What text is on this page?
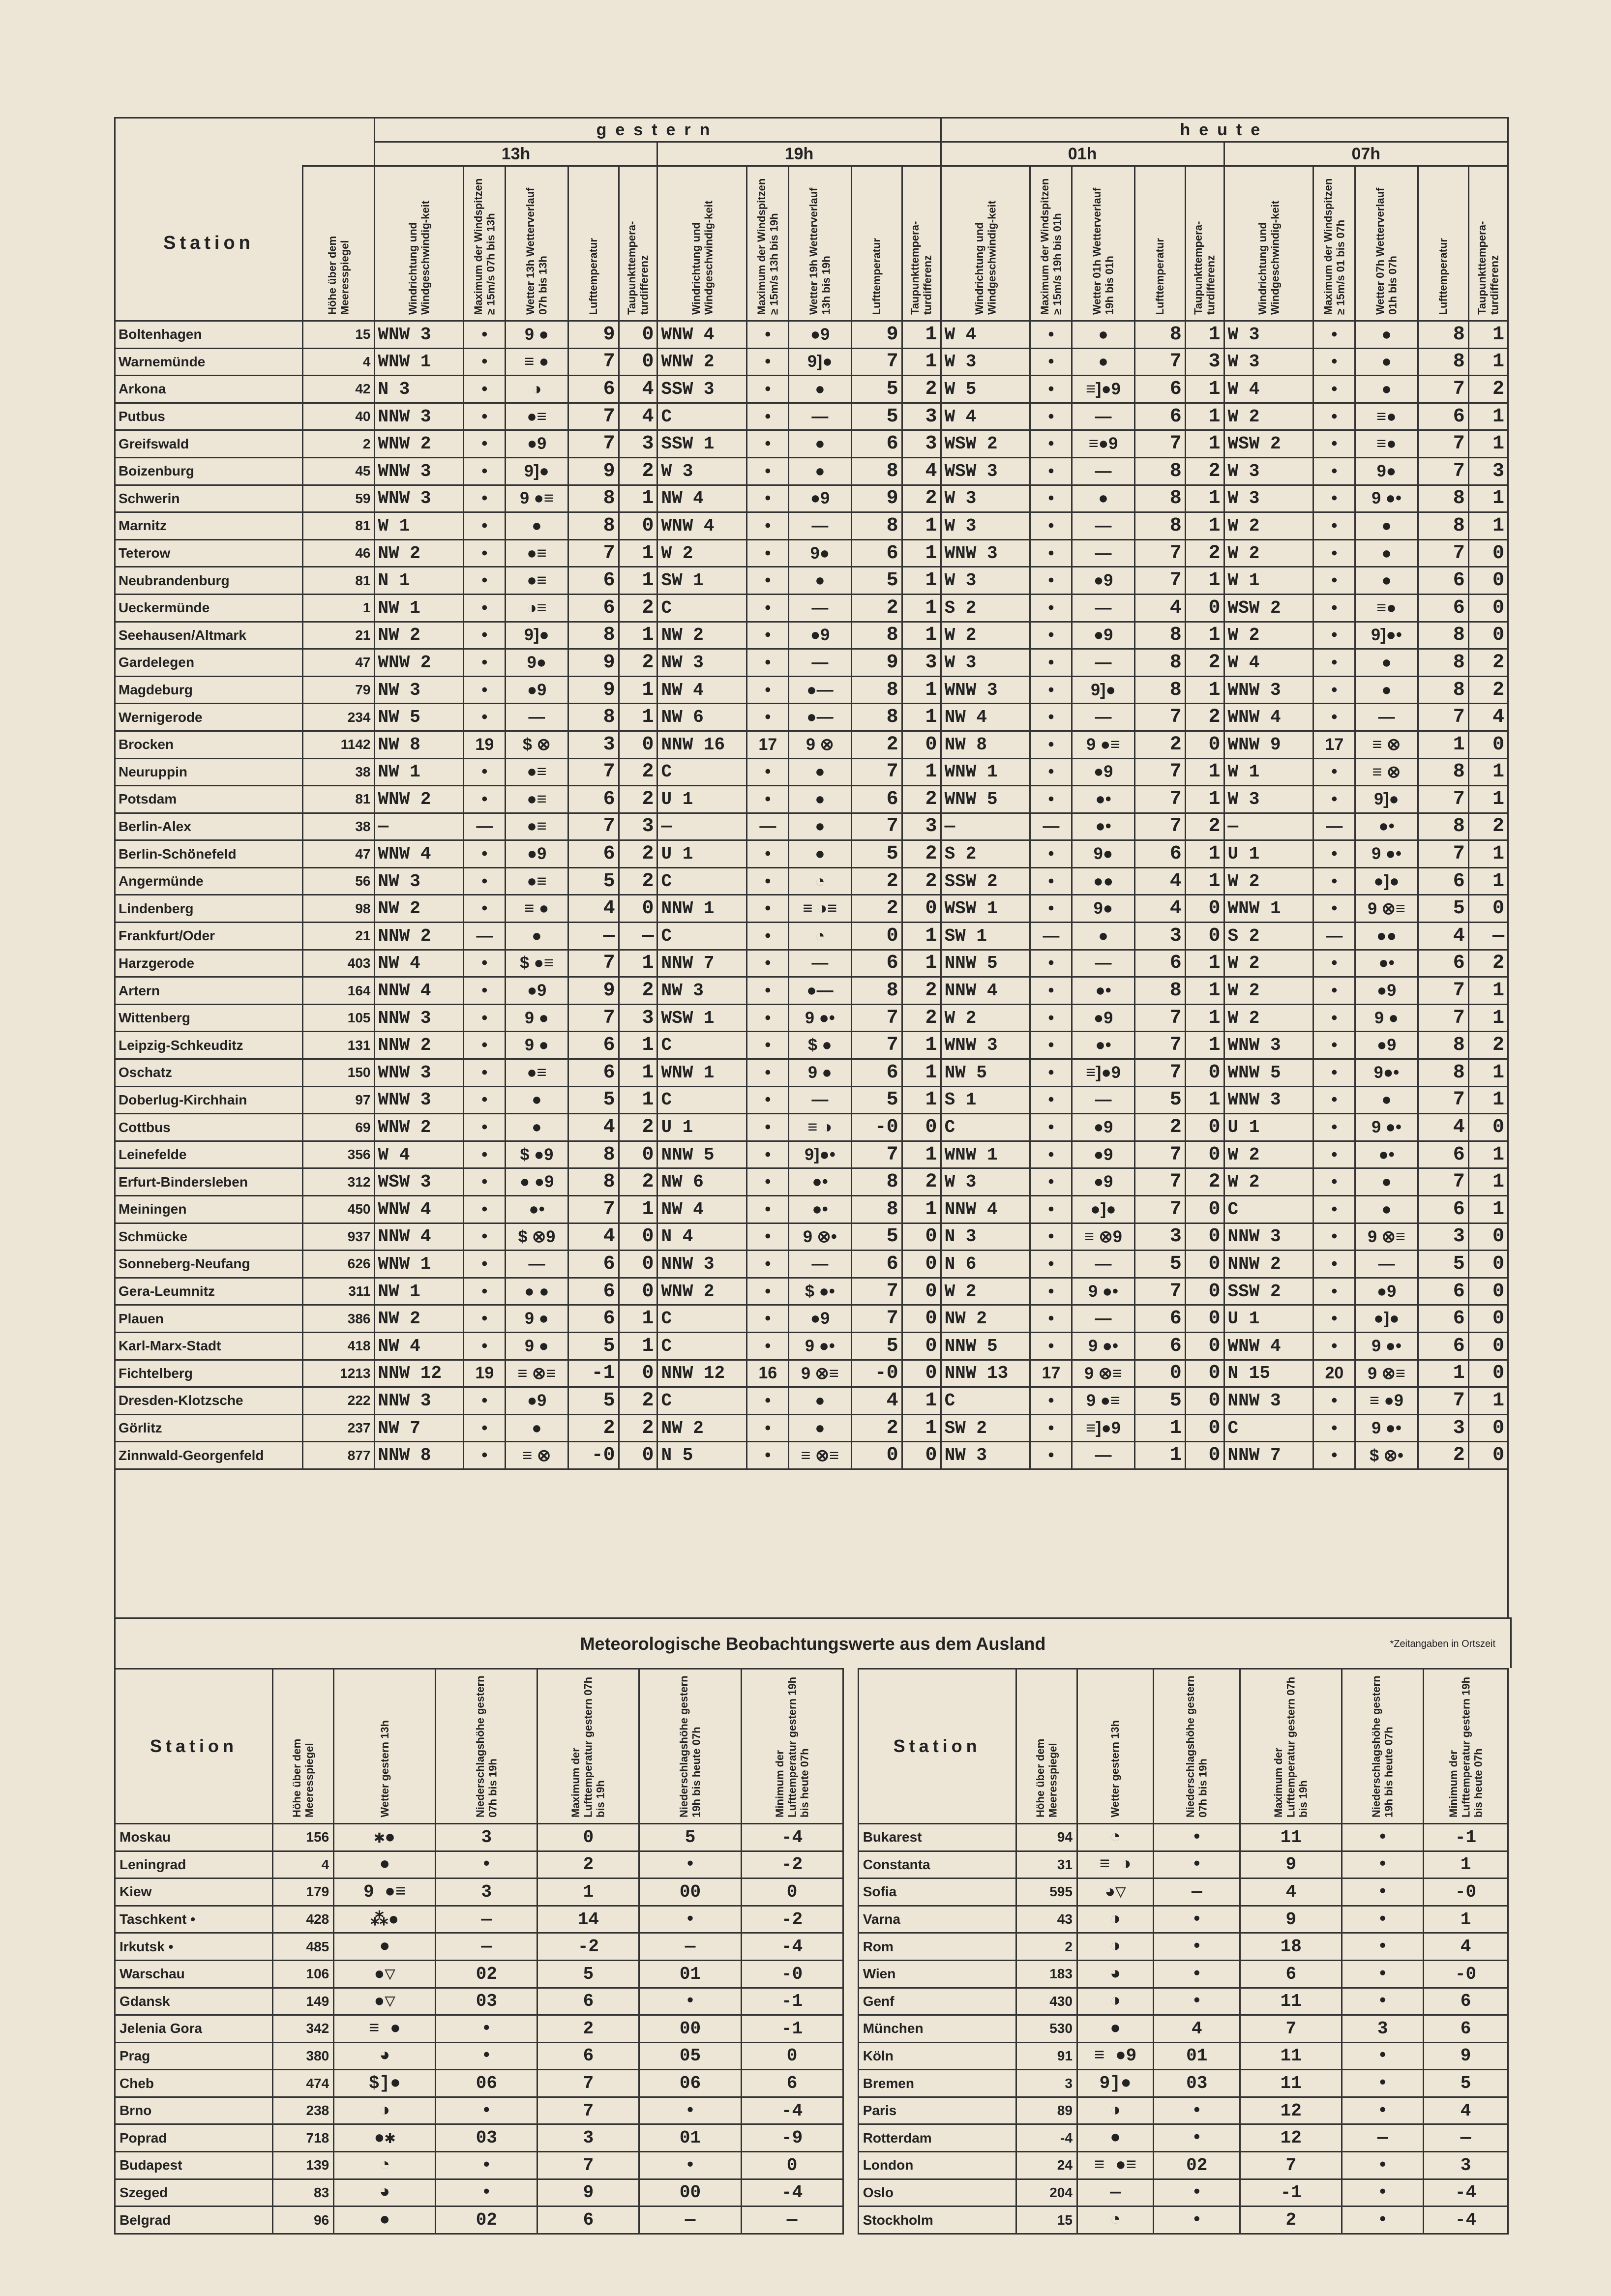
		gestern										heute									
		13h					19h					01h					07h				
Station	Höhe über dem Meeresspiegel	Windrichtung und Windgeschwindig-keit	Maximum der Windspitzen ≥ 15m/s 07h bis 13h	Wetter 13h Wetterverlauf 07h bis 13h	Lufttemperatur	Taupunkttempera-turdifferenz	Windrichtung und Windgeschwindig-keit	Maximum der Windspitzen ≥ 15m/s 13h bis 19h	Wetter 19h Wetterverlauf 13h bis 19h	Lufttemperatur	Taupunkttempera-turdifferenz	Windrichtung und Windgeschwindig-keit	Maximum der Windspitzen ≥ 15m/s 19h bis 01h	Wetter 01h Wetterverlauf 19h bis 01h	Lufttemperatur	Taupunkttempera-turdifferenz	Windrichtung und Windgeschwindig-keit	Maximum der Windspitzen ≥ 15m/s 01 bis 07h	Wetter 07h Wetterverlauf 01h bis 07h	Lufttemperatur	Taupunkttempera-turdifferenz
Boltenhagen	15	WNW 3	•	9 ●	9	0	WNW 4	•	●9	9	1	W 4	•	●	8	1	W 3	•	●	8	1
Warnemünde	4	WNW 1	•	≡ ●	7	0	WNW 2	•	9]●	7	1	W 3	•	●	7	3	W 3	•	●	8	1
Arkona	42	N 3	•	◑	6	4	SSW 3	•	●	5	2	W 5	•	≡]●9	6	1	W 4	•	●	7	2
Putbus	40	NNW 3	•	●≡	7	4	C	•	—	5	3	W 4	•	—	6	1	W 2	•	≡●	6	1
Greifswald	2	WNW 2	•	●9	7	3	SSW 1	•	●	6	3	WSW 2	•	≡●9	7	1	WSW 2	•	≡●	7	1
Boizenburg	45	WNW 3	•	9]●	9	2	W 3	•	●	8	4	WSW 3	•	—	8	2	W 3	•	9●	7	3
Schwerin	59	WNW 3	•	9 ●≡	8	1	NW 4	•	●9	9	2	W 3	•	●	8	1	W 3	•	9 ●•	8	1
Marnitz	81	W 1	•	●	8	0	WNW 4	•	—	8	1	W 3	•	—	8	1	W 2	•	●	8	1
Teterow	46	NW 2	•	●≡	7	1	W 2	•	9●	6	1	WNW 3	•	—	7	2	W 2	•	●	7	0
Neubrandenburg	81	N 1	•	●≡	6	1	SW 1	•	●	5	1	W 3	•	●9	7	1	W 1	•	●	6	0
Ueckermünde	1	NW 1	•	◑≡	6	2	C	•	—	2	1	S 2	•	—	4	0	WSW 2	•	≡●	6	0
Seehausen/Altmark	21	NW 2	•	9]●	8	1	NW 2	•	●9	8	1	W 2	•	●9	8	1	W 2	•	9]●•	8	0
Gardelegen	47	WNW 2	•	9●	9	2	NW 3	•	—	9	3	W 3	•	—	8	2	W 4	•	●	8	2
Magdeburg	79	NW 3	•	●9	9	1	NW 4	•	●—	8	1	WNW 3	•	9]●	8	1	WNW 3	•	●	8	2
Wernigerode	234	NW 5	•	—	8	1	NW 6	•	●—	8	1	NW 4	•	—	7	2	WNW 4	•	—	7	4
Brocken	1142	NW 8	19	$ ⊗	3	0	NNW 16	17	9 ⊗	2	0	NW 8	•	9 ●≡	2	0	WNW 9	17	≡ ⊗	1	0
Neuruppin	38	NW 1	•	●≡	7	2	C	•	●	7	1	WNW 1	•	●9	7	1	W 1	•	≡ ⊗	8	1
Potsdam	81	WNW 2	•	●≡	6	2	U 1	•	●	6	2	WNW 5	•	●•	7	1	W 3	•	9]●	7	1
Berlin-Alex	38	—	—	●≡	7	3	—	—	●	7	3	—	—	●•	7	2	—	—	●•	8	2
Berlin-Schönefeld	47	WNW 4	•	●9	6	2	U 1	•	●	5	2	S 2	•	9●	6	1	U 1	•	9 ●•	7	1
Angermünde	56	NW 3	•	●≡	5	2	C	•	◔	2	2	SSW 2	•	●●	4	1	W 2	•	●]●	6	1
Lindenberg	98	NW 2	•	≡ ●	4	0	NNW 1	•	≡ ◑≡	2	0	WSW 1	•	9●	4	0	WNW 1	•	9 ⊗≡	5	0
Frankfurt/Oder	21	NNW 2	—	●	—	—	C	•	◔	0	1	SW 1	—	●	3	0	S 2	—	●●	4	—
Harzgerode	403	NW 4	•	$ ●≡	7	1	NNW 7	•	—	6	1	NNW 5	•	—	6	1	W 2	•	●•	6	2
Artern	164	NNW 4	•	●9	9	2	NW 3	•	●—	8	2	NNW 4	•	●•	8	1	W 2	•	●9	7	1
Wittenberg	105	NNW 3	•	9 ●	7	3	WSW 1	•	9 ●•	7	2	W 2	•	●9	7	1	W 2	•	9 ●	7	1
Leipzig-Schkeuditz	131	NNW 2	•	9 ●	6	1	C	•	$ ●	7	1	WNW 3	•	●•	7	1	WNW 3	•	●9	8	2
Oschatz	150	WNW 3	•	●≡	6	1	WNW 1	•	9 ●	6	1	NW 5	•	≡]●9	7	0	WNW 5	•	9●•	8	1
Doberlug-Kirchhain	97	WNW 3	•	●	5	1	C	•	—	5	1	S 1	•	—	5	1	WNW 3	•	●	7	1
Cottbus	69	WNW 2	•	●	4	2	U 1	•	≡ ◑	-0	0	C	•	●9	2	0	U 1	•	9 ●•	4	0
Leinefelde	356	W 4	•	$ ●9	8	0	NNW 5	•	9]●•	7	1	WNW 1	•	●9	7	0	W 2	•	●•	6	1
Erfurt-Bindersleben	312	WSW 3	•	● ●9	8	2	NW 6	•	●•	8	2	W 3	•	●9	7	2	W 2	•	●	7	1
Meiningen	450	WNW 4	•	●•	7	1	NW 4	•	●•	8	1	NNW 4	•	●]●	7	0	C	•	●	6	1
Schmücke	937	NNW 4	•	$ ⊗9	4	0	N 4	•	9 ⊗•	5	0	N 3	•	≡ ⊗9	3	0	NNW 3	•	9 ⊗≡	3	0
Sonneberg-Neufang	626	WNW 1	•	—	6	0	NNW 3	•	—	6	0	N 6	•	—	5	0	NNW 2	•	—	5	0
Gera-Leumnitz	311	NW 1	•	● ●	6	0	WNW 2	•	$ ●•	7	0	W 2	•	9 ●•	7	0	SSW 2	•	●9	6	0
Plauen	386	NW 2	•	9 ●	6	1	C	•	●9	7	0	NW 2	•	—	6	0	U 1	•	●]●	6	0
Karl-Marx-Stadt	418	NW 4	•	9 ●	5	1	C	•	9 ●•	5	0	NNW 5	•	9 ●•	6	0	WNW 4	•	9 ●•	6	0
Fichtelberg	1213	NNW 12	19	≡ ⊗≡	-1	0	NNW 12	16	9 ⊗≡	-0	0	NNW 13	17	9 ⊗≡	0	0	N 15	20	9 ⊗≡	1	0
Dresden-Klotzsche	222	NNW 3	•	●9	5	2	C	•	●	4	1	C	•	9 ●≡	5	0	NNW 3	•	≡ ●9	7	1
Görlitz	237	NW 7	•	●	2	2	NW 2	•	●	2	1	SW 2	•	≡]●9	1	0	C	•	9 ●•	3	0
Zinnwald-Georgenfeld	877	NNW 8	•	≡ ⊗	-0	0	N 5	•	≡ ⊗≡	0	0	NW 3	•	—	1	0	NNW 7	•	$ ⊗•	2	0
Meteorologische Beobachtungswerte aus dem Ausland	*Zeitangaben in Ortszeit
Station	Höhe über dem Meeresspiegel	Wetter gestern 13h	Niederschlagshöhe gestern 07h bis 19h	Maximum der Lufttemperatur gestern 07h bis 19h	Niederschlagshöhe gestern 19h bis heute 07h	Minimum der Lufttemperatur gestern 19h bis heute 07h		Station	Höhe über dem Meeresspiegel	Wetter gestern 13h	Niederschlagshöhe gestern 07h bis 19h	Maximum der Lufttemperatur gestern 07h bis 19h	Niederschlagshöhe gestern 19h bis heute 07h	Minimum der Lufttemperatur gestern 19h bis heute 07h
Moskau	156	✱●	3	0	5	-4		Bukarest	94	◔	•	11	•	-1
Leningrad	4	●	•	2	•	-2		Constanta	31	≡ ◑	•	9	•	1
Kiew	179	9 ●≡	3	1	00	0		Sofia	595	◕▽	—	4	•	-0
Taschkent •	428	⁂●	—	14	•	-2		Varna	43	◑	•	9	•	1
Irkutsk •	485	●	—	-2	—	-4		Rom	2	◑	•	18	•	4
Warschau	106	●▽	02	5	01	-0		Wien	183	◕	•	6	•	-0
Gdansk	149	●▽	03	6	•	-1		Genf	430	◑	•	11	•	6
Jelenia Gora	342	≡ ●	•	2	00	-1		München	530	●	4	7	3	6
Prag	380	◕	•	6	05	0		Köln	91	≡ ●9	01	11	•	9
Cheb	474	$]●	06	7	06	6		Bremen	3	9]●	03	11	•	5
Brno	238	◑	•	7	•	-4		Paris	89	◑	•	12	•	4
Poprad	718	●✱	03	3	01	-9		Rotterdam	-4	●	•	12	—	—
Budapest	139	◔	•	7	•	0		London	24	≡ ●≡	02	7	•	3
Szeged	83	◕	•	9	00	-4		Oslo	204	—	•	-1	•	-4
Belgrad	96	●	02	6	—	—		Stockholm	15	◔	•	2	•	-4
